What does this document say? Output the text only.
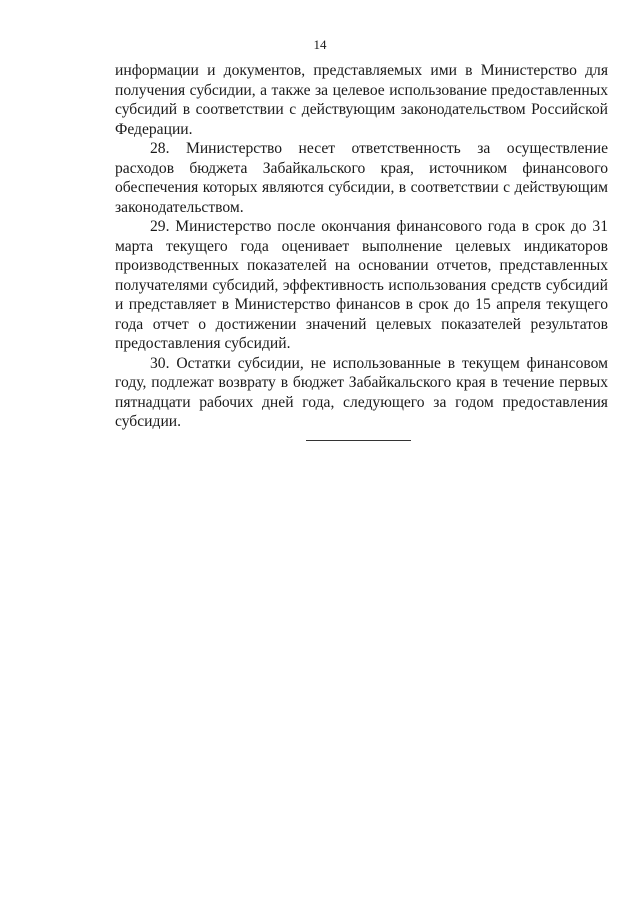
14

информации и документов, представляемых ими в Министерство для получения субсидии, а также за целевое использование предоставленных субсидий в соответствии с действующим законодательством Российской Федерации.

28. Министерство несет ответственность за осуществление расходов бюджета Забайкальского края, источником финансового обеспечения которых являются субсидии, в соответствии с действующим законодательством.

29. Министерство после окончания финансового года в срок до 31 марта текущего года оценивает выполнение целевых индикаторов производственных показателей на основании отчетов, представленных получателями субсидий, эффективность использования средств субсидий и представляет в Министерство финансов в срок до 15 апреля текущего года отчет о достижении значений целевых показателей результатов предоставления субсидий.

30. Остатки субсидии, не использованные в текущем финансовом году, подлежат возврату в бюджет Забайкальского края в течение первых пятнадцати рабочих дней года, следующего за годом предоставления субсидии.
